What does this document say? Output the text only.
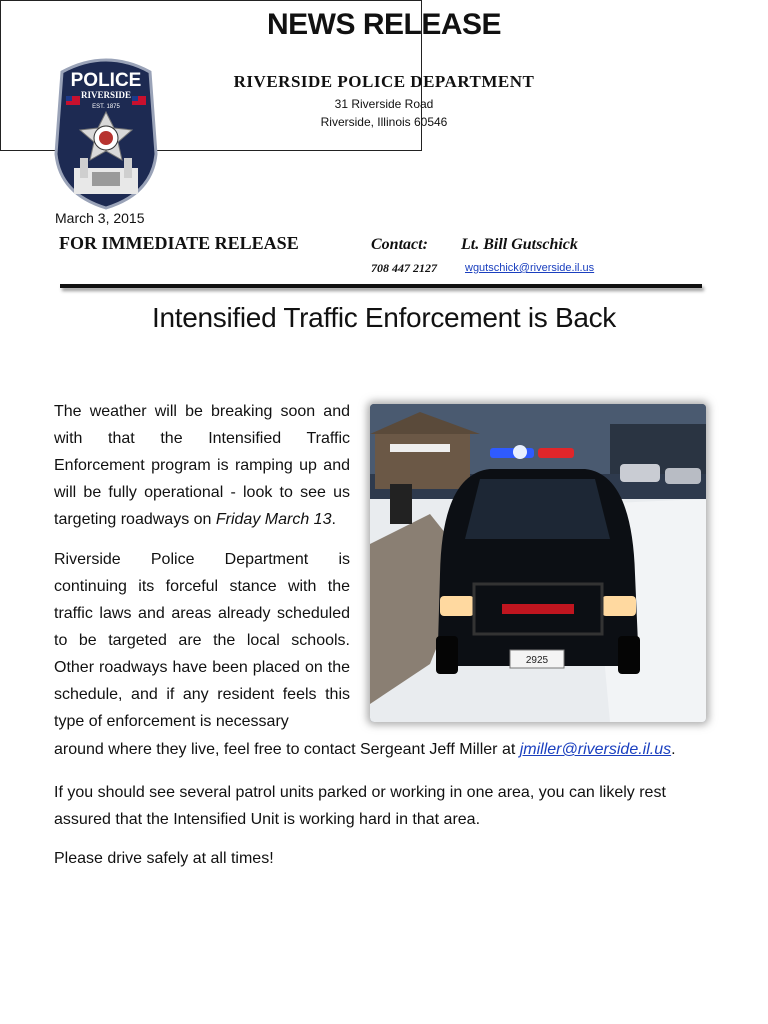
POLICE
RIVERSIDE
EST. 1875
NEWS RELEASE
RIVERSIDE POLICE DEPARTMENT
31 Riverside Road
Riverside, Illinois 60546
March 3, 2015
FOR IMMEDIATE RELEASE	Contact: Lt. Bill Gutschick
708 447 2127	wgutschick@riverside.il.us
Intensified Traffic Enforcement is Back
The weather will be breaking soon and with that the Intensified Traffic Enforcement program is ramping up and will be fully operational - look to see us targeting roadways on Friday March 13.
Riverside Police Department is continuing its forceful stance with the traffic laws and areas already scheduled to be targeted are the local schools. Other roadways have been placed on the schedule, and if any resident feels this type of enforcement is necessary
around where they live, feel free to contact Sergeant Jeff Miller at jmiller@riverside.il.us.
If you should see several patrol units parked or working in one area, you can likely rest assured that the Intensified Unit is working hard in that area.
Please drive safely at all times!
2925
